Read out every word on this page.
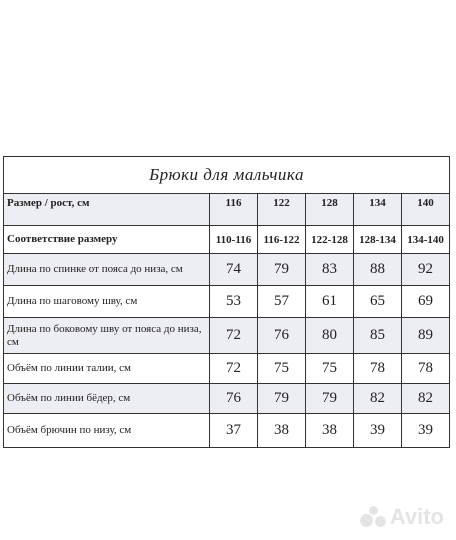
Брюки для мальчика					
Размер / рост, см	116	122	128	134	140
Соответствие размеру	110-116	116-122	122-128	128-134	134-140
Длина по спинке от пояса до низа, см	74	79	83	88	92
Длина по шаговому шву, см	53	57	61	65	69
Длина по боковому шву от пояса до низа, см	72	76	80	85	89
Объём по линии талии, см	72	75	75	78	78
Объём по линии бёдер, см	76	79	79	82	82
Объём брючин по низу, см	37	38	38	39	39
Avito
